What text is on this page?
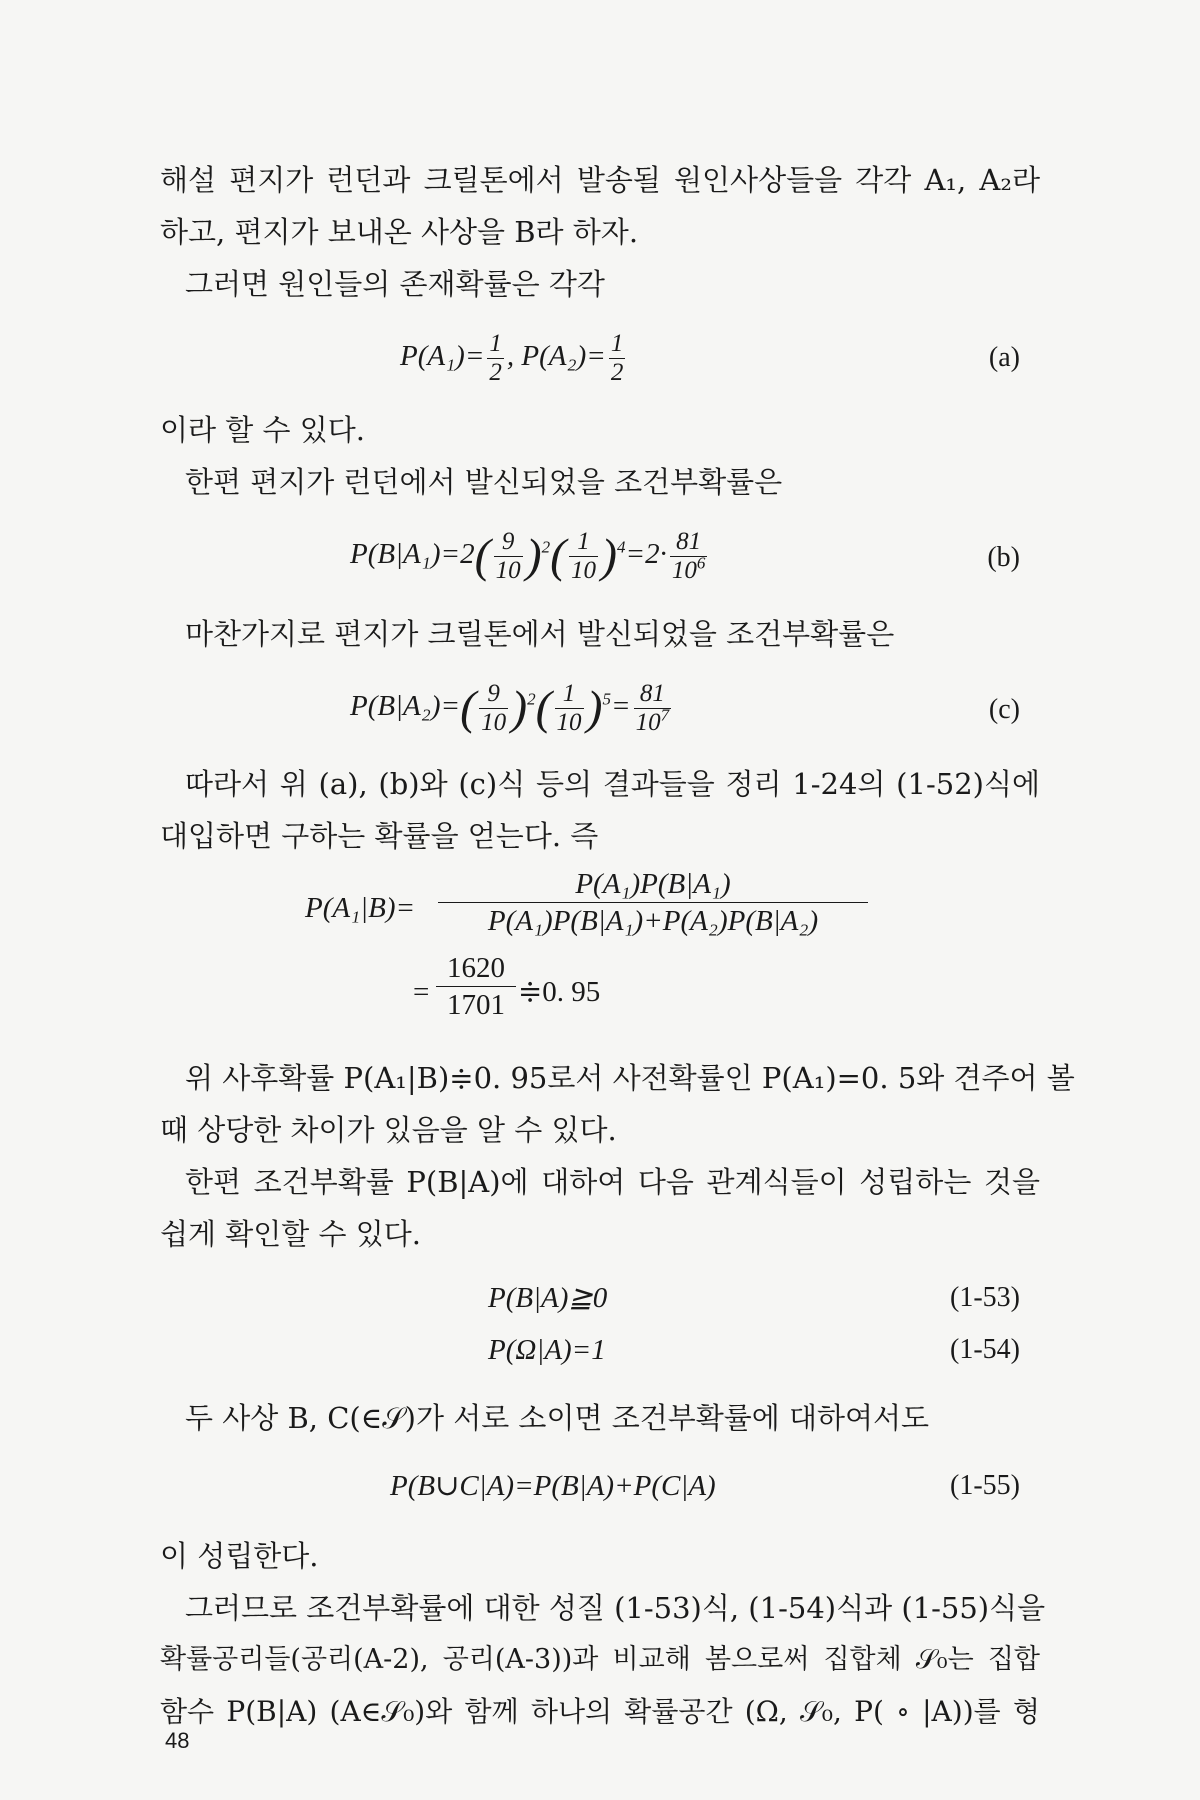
해설 편지가 런던과 크릴톤에서 발송될 원인사상들을 각각 A₁, A₂라
하고, 편지가 보내온 사상을 B라 하자.
그러면 원인들의 존재확률은 각각
$P(A_1)= \frac{1}{2}$ , $P(A_2)= \frac{1}{2}$	(a)
이라 할 수 있다.
한편 편지가 런던에서 발신되었을 조건부확률은
$P(B|A_1)=2( \frac{9}{10} )^2( \frac{1}{10} )^4=2\cdot \frac{81}{10^6}$	(b)
마찬가지로 편지가 크릴톤에서 발신되었을 조건부확률은
$P(B|A_2)=( \frac{9}{10} )^2( \frac{1}{10} )^5= \frac{81}{10^7}$	(c)
따라서 위 (a), (b)와 (c)식 등의 결과들을 정리 1-24의 (1-52)식에
대입하면 구하는 확률을 얻는다. 즉
$P(A_1|B)= \frac{\text{P(A₁)P(B|A₁)}}{\text{P(A₁)P(B|A₁)+P(A₂)P(B|A₂)}}$
= $\frac{1620}{1701}$ ≑0. 95
위 사후확률 P(A₁|B)≑0. 95로서 사전확률인 P(A₁)=0. 5와 견주어 볼
때 상당한 차이가 있음을 알 수 있다.
한편 조건부확률 P(B|A)에 대하여 다음 관계식들이 성립하는 것을
쉽게 확인할 수 있다.
P(B|A)≧0	(1-53)
P(Ω|A)=1	(1-54)
두 사상 B, C(∈𝒮)가 서로 소이면 조건부확률에 대하여서도
P(B∪C|A)=P(B|A)+P(C|A)	(1-55)
이 성립한다.
그러므로 조건부확률에 대한 성질 (1-53)식, (1-54)식과 (1-55)식을
확률공리들(공리(A-2), 공리(A-3))과 비교해 봄으로써 집합체 𝒮₀는 집합
함수 P(B|A) (A∈𝒮₀)와 함께 하나의 확률공간 (Ω, 𝒮₀, P( ∘ |A))를 형
48
